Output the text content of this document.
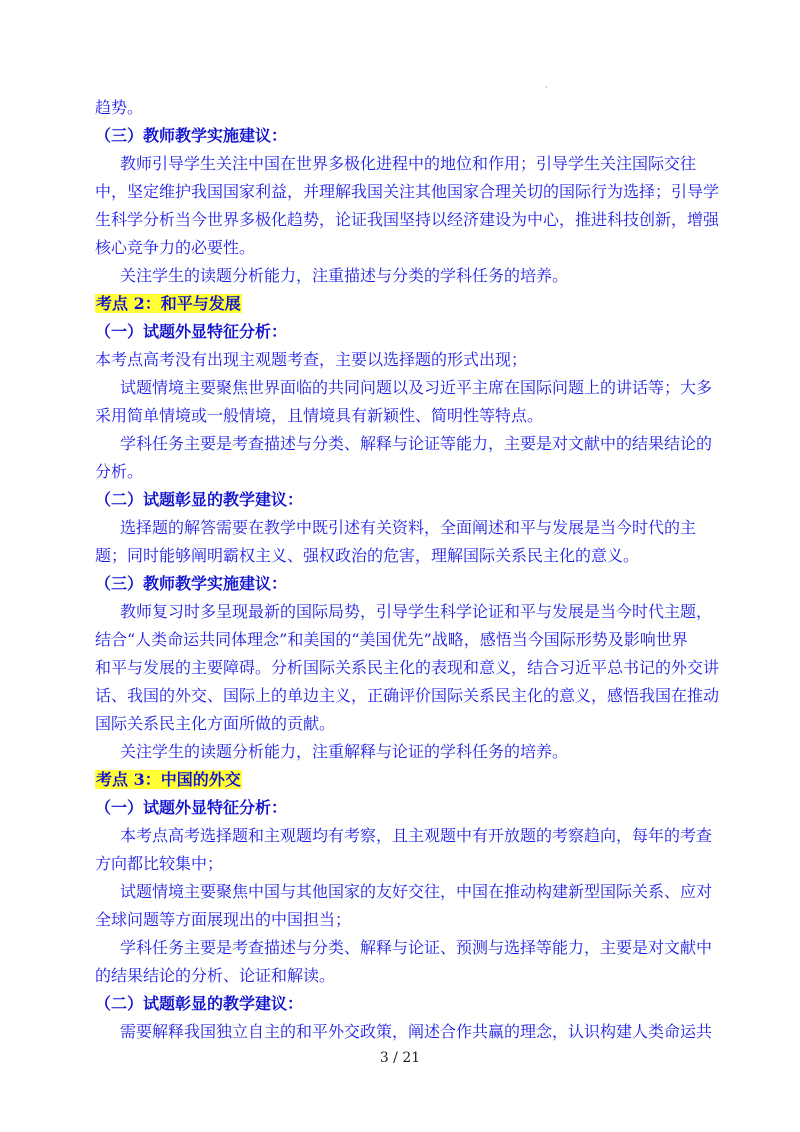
·
趋势。
（三）教师教学实施建议：
教师引导学生关注中国在世界多极化进程中的地位和作用；引导学生关注国际交往
中，坚定维护我国国家利益，并理解我国关注其他国家合理关切的国际行为选择；引导学
生科学分析当今世界多极化趋势，论证我国坚持以经济建设为中心，推进科技创新，增强
核心竞争力的必要性。
关注学生的读题分析能力，注重描述与分类的学科任务的培养。
考点 2：和平与发展
（一）试题外显特征分析：
本考点高考没有出现主观题考查，主要以选择题的形式出现；
试题情境主要聚焦世界面临的共同问题以及习近平主席在国际问题上的讲话等；大多
采用简单情境或一般情境，且情境具有新颖性、简明性等特点。
学科任务主要是考查描述与分类、解释与论证等能力，主要是对文献中的结果结论的
分析。
（二）试题彰显的教学建议：
选择题的解答需要在教学中既引述有关资料，全面阐述和平与发展是当今时代的主
题；同时能够阐明霸权主义、强权政治的危害，理解国际关系民主化的意义。
（三）教师教学实施建议：
教师复习时多呈现最新的国际局势，引导学生科学论证和平与发展是当今时代主题，
结合“人类命运共同体理念”和美国的“美国优先”战略，感悟当今国际形势及影响世界
和平与发展的主要障碍。分析国际关系民主化的表现和意义，结合习近平总书记的外交讲
话、我国的外交、国际上的单边主义，正确评价国际关系民主化的意义，感悟我国在推动
国际关系民主化方面所做的贡献。
关注学生的读题分析能力，注重解释与论证的学科任务的培养。
考点 3：中国的外交
（一）试题外显特征分析：
本考点高考选择题和主观题均有考察，且主观题中有开放题的考察趋向，每年的考查
方向都比较集中；
试题情境主要聚焦中国与其他国家的友好交往，中国在推动构建新型国际关系、应对
全球问题等方面展现出的中国担当；
学科任务主要是考查描述与分类、解释与论证、预测与选择等能力，主要是对文献中
的结果结论的分析、论证和解读。
（二）试题彰显的教学建议：
需要解释我国独立自主的和平外交政策，阐述合作共赢的理念，认识构建人类命运共
3 / 21
